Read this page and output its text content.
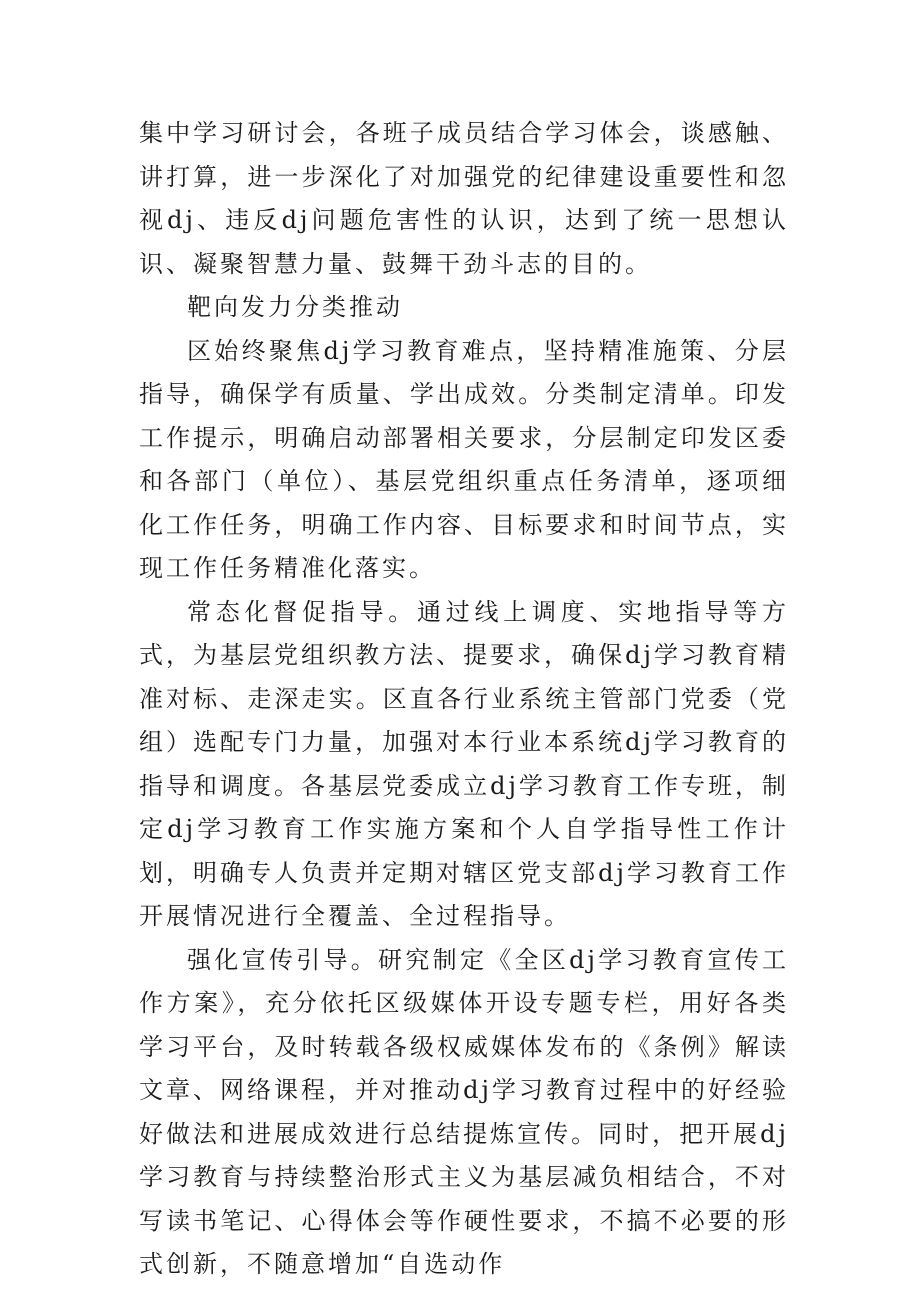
集中学习研讨会，各班子成员结合学习体会，谈感触、讲打算，进一步深化了对加强党的纪律建设重要性和忽视dj、违反dj问题危害性的认识，达到了统一思想认识、凝聚智慧力量、鼓舞干劲斗志的目的。

靶向发力分类推动

区始终聚焦dj学习教育难点，坚持精准施策、分层指导，确保学有质量、学出成效。分类制定清单。印发工作提示，明确启动部署相关要求，分层制定印发区委和各部门（单位）、基层党组织重点任务清单，逐项细化工作任务，明确工作内容、目标要求和时间节点，实现工作任务精准化落实。

常态化督促指导。通过线上调度、实地指导等方式，为基层党组织教方法、提要求，确保dj学习教育精准对标、走深走实。区直各行业系统主管部门党委（党组）选配专门力量，加强对本行业本系统dj学习教育的指导和调度。各基层党委成立dj学习教育工作专班，制定dj学习教育工作实施方案和个人自学指导性工作计划，明确专人负责并定期对辖区党支部dj学习教育工作开展情况进行全覆盖、全过程指导。

强化宣传引导。研究制定《全区dj学习教育宣传工作方案》，充分依托区级媒体开设专题专栏，用好各类学习平台，及时转载各级权威媒体发布的《条例》解读文章、网络课程，并对推动dj学习教育过程中的好经验好做法和进展成效进行总结提炼宣传。同时，把开展dj学习教育与持续整治形式主义为基层减负相结合，不对写读书笔记、心得体会等作硬性要求，不搞不必要的形式创新，不随意增加“自选动作
